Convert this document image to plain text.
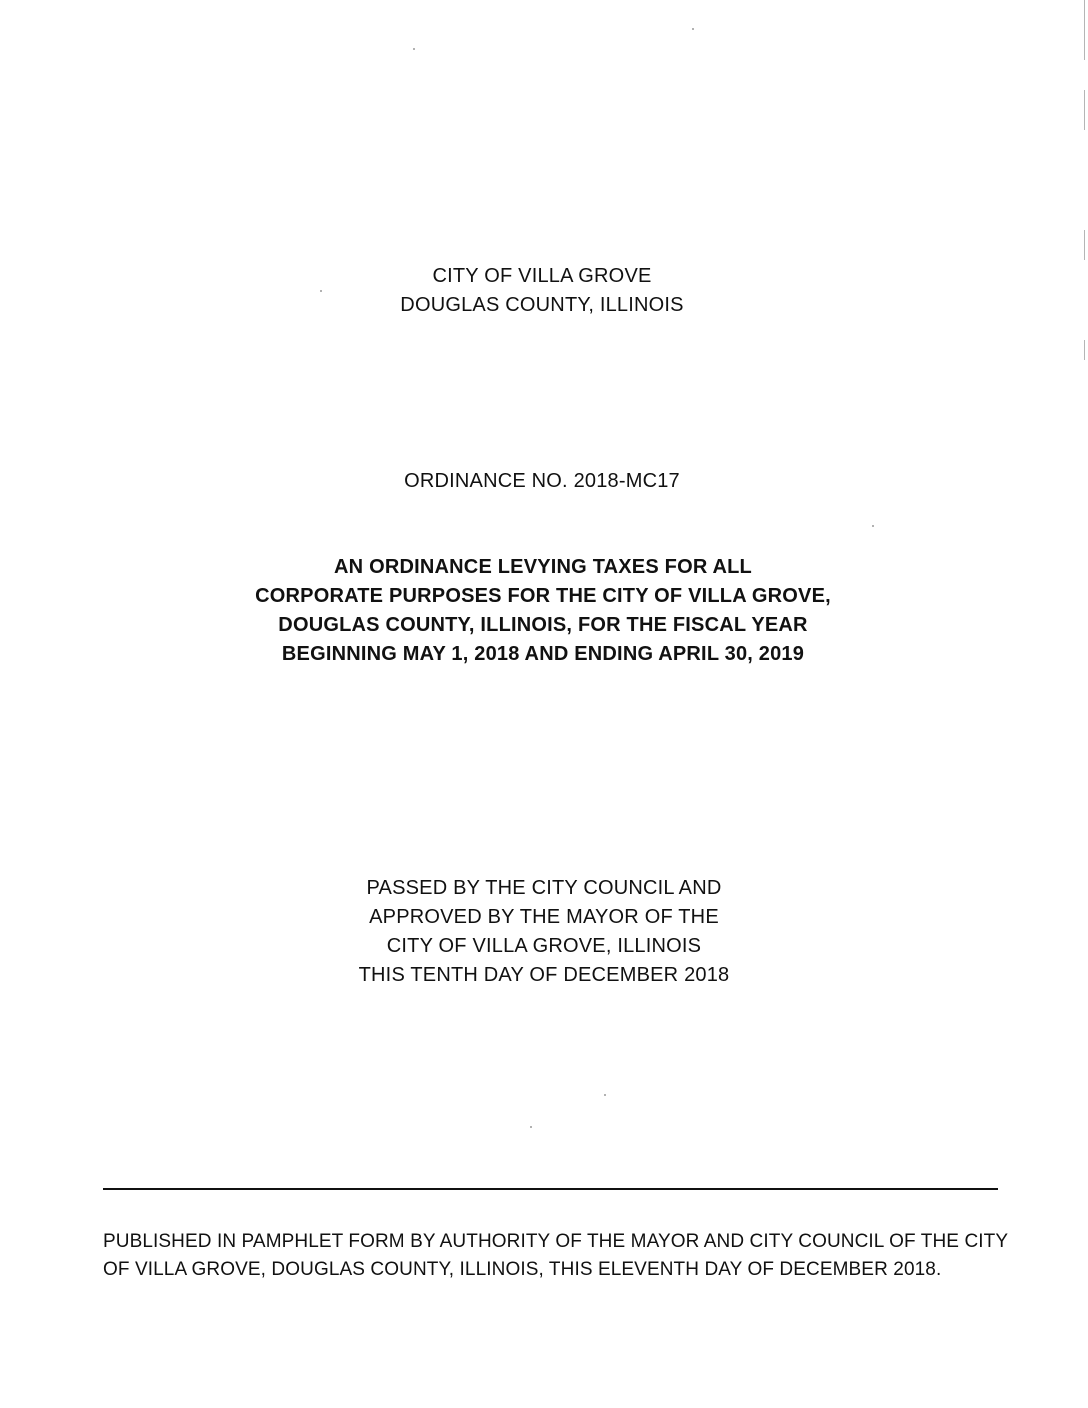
CITY OF VILLA GROVE
DOUGLAS COUNTY, ILLINOIS
ORDINANCE NO. 2018-MC17
AN ORDINANCE LEVYING TAXES FOR ALL
CORPORATE PURPOSES FOR THE CITY OF VILLA GROVE,
DOUGLAS COUNTY, ILLINOIS, FOR THE FISCAL YEAR
BEGINNING MAY 1, 2018 AND ENDING APRIL 30, 2019
PASSED BY THE CITY COUNCIL AND
APPROVED BY THE MAYOR OF THE
CITY OF VILLA GROVE, ILLINOIS
THIS TENTH DAY OF DECEMBER 2018
PUBLISHED IN PAMPHLET FORM BY AUTHORITY OF THE MAYOR AND CITY COUNCIL OF THE CITY
OF VILLA GROVE, DOUGLAS COUNTY, ILLINOIS, THIS ELEVENTH DAY OF DECEMBER 2018.
